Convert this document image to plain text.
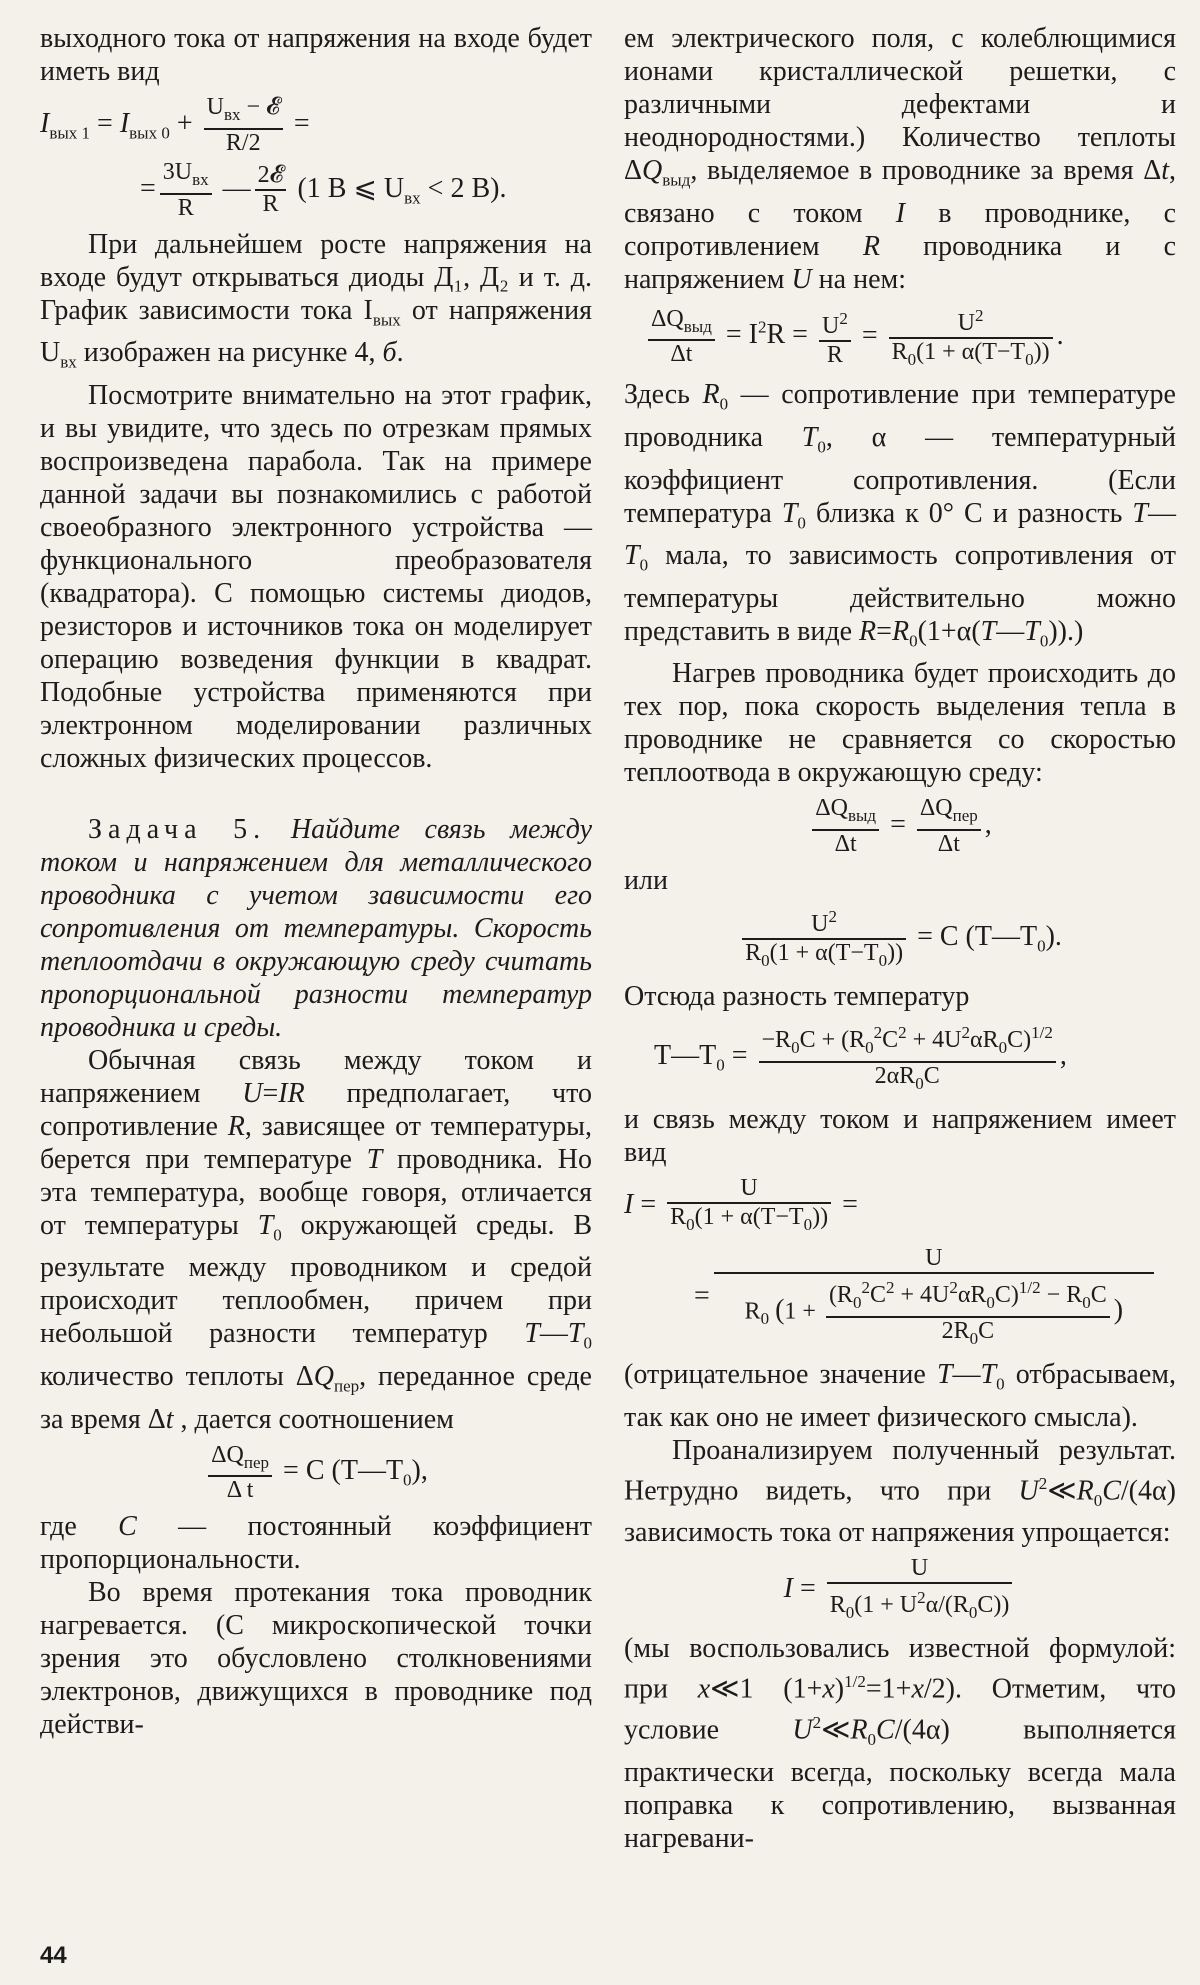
выходного тока от напряжения на входе будет иметь вид

$I_{вых 1} = I_{вых 0} + \frac{U_{вх} - 𝓔}{R/2}$ =
= $\frac{3U_{вх}}{R}$ — $\frac{\text{2𝓔}}{R} (1$ В ⩽ $U_{вх} < 2$ В).

При дальнейшем росте напряжения на входе будут открываться диоды Д₁, Д₂ и т. д. График зависимости тока $I_{вых}$ от напряжения $U_{вх}$ изображен на рисунке 4, б.

Посмотрите внимательно на этот график, и вы увидите, что здесь по отрезкам прямых воспроизведена парабола. Так на примере данной задачи вы познакомились с работой своеобразного электронного устройства — функционального преобразователя (квадратора). С помощью системы диодов, резисторов и источников тока он моделирует операцию возведения функции в квадрат. Подобные устройства применяются при электронном моделировании различных сложных физических процессов.

Задача 5. Найдите связь между током и напряжением для металлического проводника с учетом зависимости его сопротивления от температуры. Скорость теплоотдачи в окружающую среду считать пропорциональной разности температур проводника и среды.

Обычная связь между током и напряжением U=IR предполагает, что сопротивление R, зависящее от температуры, берется при температуре T проводника. Но эта температура, вообще говоря, отличается от температуры $T_0$ окружающей среды. В результате между проводником и средой происходит теплообмен, причем при небольшой разности температур $T—T_0$ количество теплоты $\Delta Q_{пер}$, переданное среде за время Δt , дается соотношением

$\frac{\Delta Q_{пер}}{\text{Δ t}} = C$ $(T—T_0)$,

где C — постоянный коэффициент пропорциональности.

Во время протекания тока проводник нагревается. (С микроскопической точки зрения это обусловлено столкновениями электронов, движущихся в проводнике под действи-

ем электрического поля, с колеблющимися ионами кристаллической решетки, с различными дефектами и неоднородностями.) Количество теплоты $\Delta Q_{выд}$, выделяемое в проводнике за время Δt, связано с током I в проводнике, с сопротивлением R проводника и с напряжением U на нем:

$\frac{\Delta Q_{выд}}{\Delta t} = I^2R = \frac{U^2}{R} = \frac{U^2}{R_0(1 + \alpha(T-T_0))}$ .

Здесь $R_0$ — сопротивление при температуре проводника $T_0$, α — температурный коэффициент сопротивления. (Если температура $T_0$ близка к 0° С и разность T— $T_0$ мала, то зависимость сопротивления от температуры действительно можно представить в виде $R=R_0(1+\alpha(T—T_0))$.)

Нагрев проводника будет происходить до тех пор, пока скорость выделения тепла в проводнике не сравняется со скоростью теплоотвода в окружающую среду:

$\frac{\Delta Q_{выд}}{\Delta t} = \frac{\Delta Q_{пер}}{\Delta t}$ ,

или

$\frac{U^2}{R_0(1 + \alpha(T-T_0))} = C$ $(T—T_0)$.

Отсюда разность температур

$T—T_0 = \frac{-R_0C + (R_0^2C^2 + 4U^2\alpha R_0C)^{1/2}}{2\alpha R_0C}$ ,

и связь между током и напряжением имеет вид

$I = \frac{U}{R_0(1 + \alpha(T-T_0))}$ =
= $\frac{U}{R_0 (1 + \frac{(R_0^2C^2 + 4U^2\alpha R_0C)^{1/2} - R_0C}{2R_0C} )}$

(отрицательное значение $T—T_0$ отбрасываем, так как оно не имеет физического смысла).

Проанализируем полученный результат. Нетрудно видеть, что при $U^2≪R_0C/(4\alpha)$ зависимость тока от напряжения упрощается:

$I = \frac{U}{R_0(1 + U^2\alpha/(R_0C))}$

(мы воспользовались известной формулой: при x≪1 $(1+x)^{1/2}=1+x/2$). Отметим, что условие $U^2≪R_0C/(4\alpha)$ выполняется практически всегда, поскольку всегда мала поправка к сопротивлению, вызванная нагревани-

44
